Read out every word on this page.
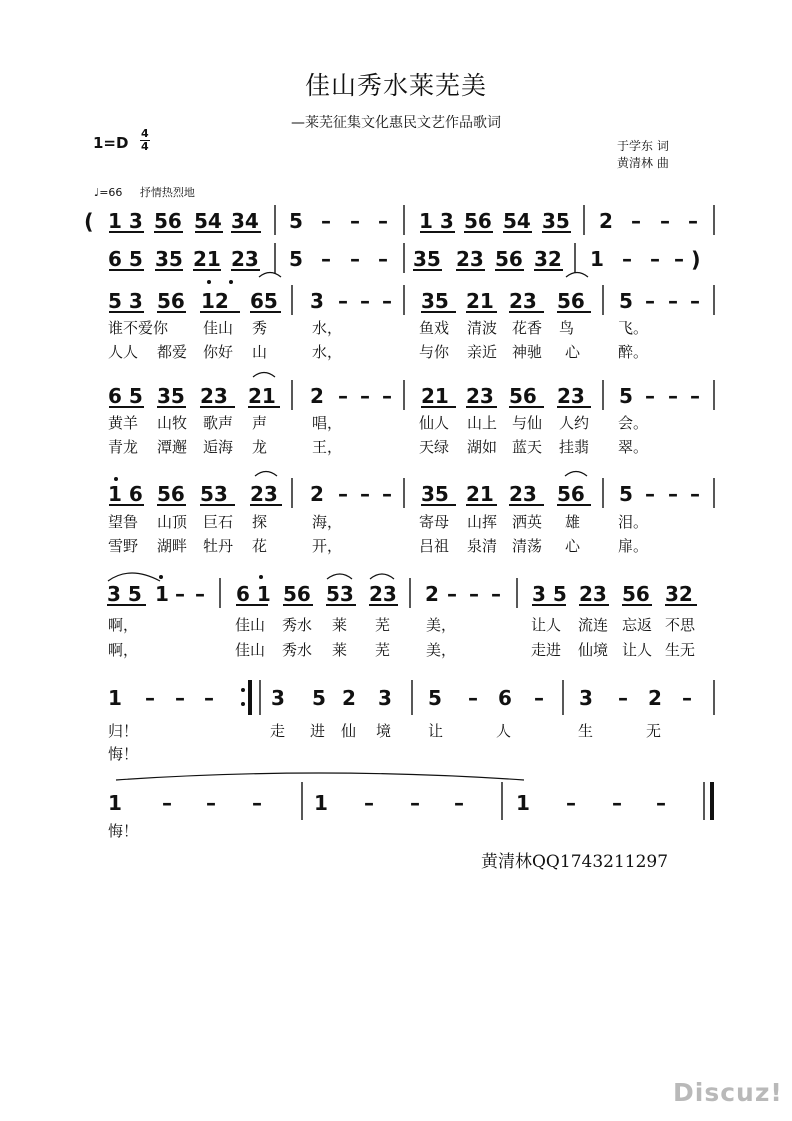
佳山秀水莱芜美
—莱芜征集文化惠民文艺作品歌词
1=D
4
4	于学东 词
黄清林 曲
♩=66 抒情热烈地
( 1 3 56 54 34 5 – – – 1 3 56 54 35 2 – – –
6 5 35 21 23 5 – – – 35 23 56 32 1 – – – )
5 3 56 12 65 3 – – – 35 21 23 56 5 – – –
6 5 35 23 21 2 – – – 21 23 56 23 5 – – –
1 6 56 53 23 2 – – – 35 21 23 56 5 – – –
3 5 1 – – 6 1 56 53 23 2 – – – 3 5 23 56 32
1 – – –	3 5 2 3 5 – 6 – 3 – 2 –
1 – – –	1 – – –	1 – – –
谁不爱你 佳山 秀	水，	鱼戏 清波 花香 鸟	飞。
人人 都爱 你好 山	水，	与你 亲近 神驰 心	醉。
黄羊 山牧 歌声 声	唱，	仙人 山上 与仙 人约 会。
青龙 潭邂 逅海 龙	王，	天绿 湖如 蓝天 挂翡 翠。
望鲁 山顶 巨石 探	海，	寄母 山挥 洒英 雄	泪。
雪野 湖畔 牡丹 花	开，	吕祖 泉清 清荡 心	扉。
啊，	佳山 秀水 莱 芜 美，	让人 流连 忘返 不思
啊，	佳山 秀水 莱 芜 美，	走进 仙境 让人 生无
归！	走 进 仙 境 让	人	生	无
悔！
悔！
黄清林QQ1743211297
Discuz!
